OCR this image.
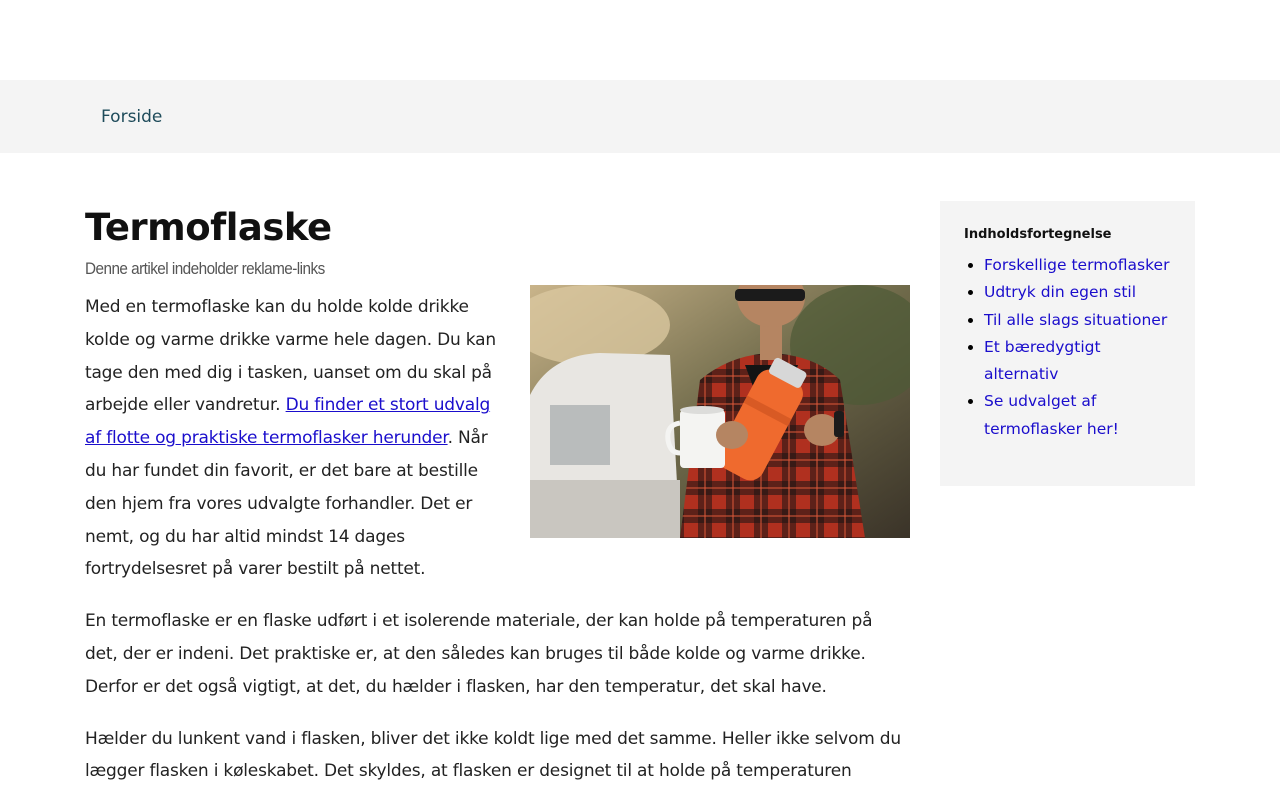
Forside
Termoflaske
Denne artikel indeholder reklame-links

Med en termoflaske kan du holde kolde drikke kolde og varme drikke varme hele dagen. Du kan tage den med dig i tasken, uanset om du skal på arbejde eller vandretur. Du finder et stort udvalg af flotte og praktiske termoflasker herunder. Når du har fundet din favorit, er det bare at bestille den hjem fra vores udvalgte forhandler. Det er nemt, og du har altid mindst 14 dages fortrydelsesret på varer bestilt på nettet.

En termoflaske er en flaske udført i et isolerende materiale, der kan holde på temperaturen på det, der er indeni. Det praktiske er, at den således kan bruges til både kolde og varme drikke. Derfor er det også vigtigt, at det, du hælder i flasken, har den temperatur, det skal have.

Hælder du lunkent vand i flasken, bliver det ikke koldt lige med det samme. Heller ikke selvom du lægger flasken i køleskabet. Det skyldes, at flasken er designet til at holde på temperaturen

Indholdsfortegnelse

• Forskellige termoflasker
• Udtryk din egen stil
• Til alle slags situationer
• Et bæredygtigt alternativ
• Se udvalget af termoflasker her!
